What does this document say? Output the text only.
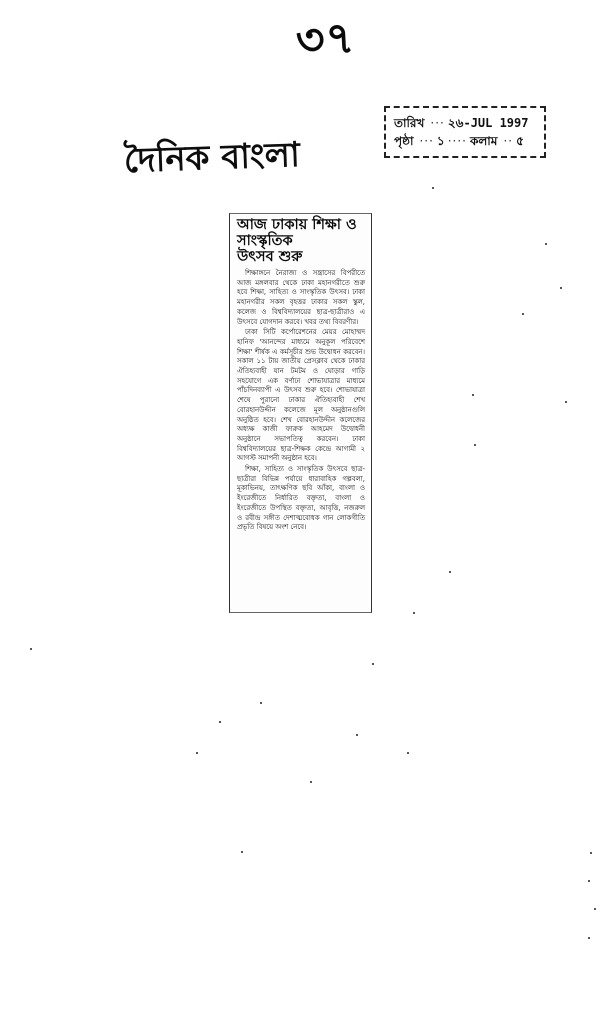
৩৭
দৈনিক বাংলা
তারিখ ··· ২৬-JUL 1997
পৃষ্ঠা ··· ১ ···· কলাম ·· ৫
আজ ঢাকায় শিক্ষা ও
সাংস্কৃতিক
উৎসব শুরু

শিক্ষাঙ্গনে নৈরাজ্য ও সন্ত্রাসের বিপরীতে আজ মঙ্গলবার থেকে ঢাকা মহানগরীতে শুরু হবে শিক্ষা, সাহিত্য ও সাংস্কৃতিক উৎসব। ঢাকা মহানগরীর সকল বৃহত্তর ঢাকার সকল স্কুল, কলেজ ও বিশ্ববিদ্যালয়ের ছাত্র-ছাত্রীরাও এ উৎসবে যোগদান করবে। খবর তথ্য বিবরণীর।

ঢাকা সিটি কর্পোরেশনের মেয়র মোহাম্মদ হানিফ 'আনন্দের মাধ্যমে অনুকূল পরিবেশে শিক্ষা' শীর্ষক এ কর্মসূচীর শুভ উদ্বোধন করবেন। সকাল ১১ টায় জাতীয় প্রেসক্লাব থেকে ঢাকার ঐতিহ্যবাহী যান টমটম ও ঘোড়ার গাড়ি সহযোগে এক বর্ণাঢ্য শোভাযাত্রার মাধ্যমে পাঁচদিনব্যাপী এ উৎসব শুরু হবে। শোভাযাত্রা শেষে পুরানো ঢাকার ঐতিহ্যবাহী শেখ বোরহানউদ্দীন কলেজে মূল অনুষ্ঠানগুলি অনুষ্ঠিত হবে। শেখ বোরহানউদ্দীন কলেজের অধ্যক্ষ কাজী ফারুক আহমেদ উদ্বোধনী অনুষ্ঠানে সভাপতিত্ব করবেন। ঢাকা বিশ্ববিদ্যালয়ের ছাত্র-শিক্ষক কেন্দ্রে আগামী ২ আগস্ট সমাপনী অনুষ্ঠান হবে।

শিক্ষা, সাহিত্য ও সাংস্কৃতিক উৎসবে ছাত্র-ছাত্রীরা বিভিন্ন পর্যায়ে ধারাবাহিক গল্পবলা, মূকাভিনয়, তাৎক্ষণিক ছবি আঁকা, বাংলা ও ইংরেজীতে নির্ধারিত বক্তৃতা, বাংলা ও ইংরেজীতে উপস্থিত বক্তৃতা, আবৃত্তি, নজরুল ও রবীন্দ্র সঙ্গীত দেশাত্মবোধক গান লোকগীতি প্রভৃতি বিষয়ে অংশ নেবে।
